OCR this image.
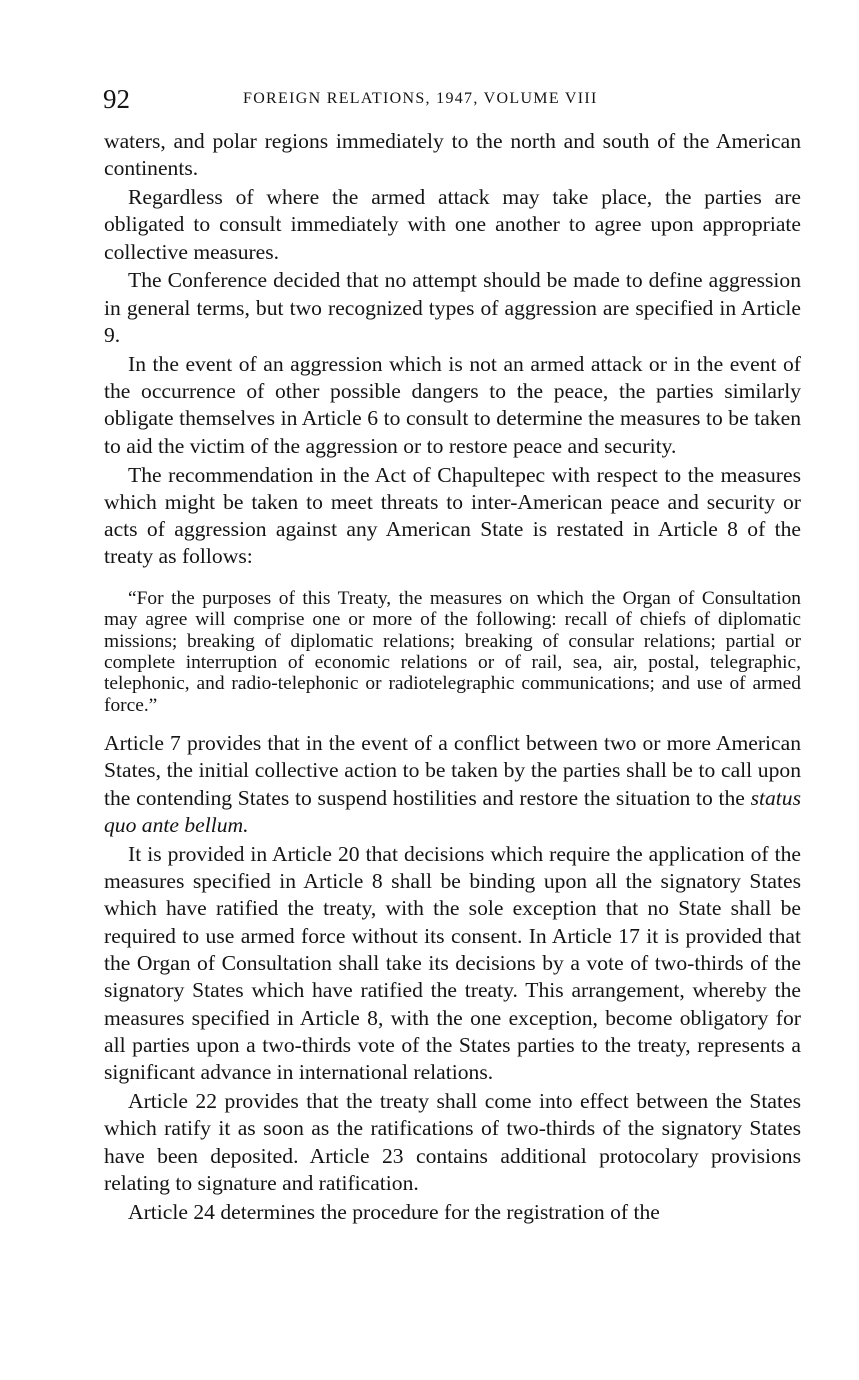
92	FOREIGN RELATIONS, 1947, VOLUME VIII

waters, and polar regions immediately to the north and south of the American continents.

Regardless of where the armed attack may take place, the parties are obligated to consult immediately with one another to agree upon appropriate collective measures.

The Conference decided that no attempt should be made to define aggression in general terms, but two recognized types of aggression are specified in Article 9.

In the event of an aggression which is not an armed attack or in the event of the occurrence of other possible dangers to the peace, the parties similarly obligate themselves in Article 6 to consult to determine the measures to be taken to aid the victim of the aggression or to restore peace and security.

The recommendation in the Act of Chapultepec with respect to the measures which might be taken to meet threats to inter-American peace and security or acts of aggression against any American State is restated in Article 8 of the treaty as follows:

“For the purposes of this Treaty, the measures on which the Organ of Consultation may agree will comprise one or more of the following: recall of chiefs of diplomatic missions; breaking of diplomatic relations; breaking of consular relations; partial or complete interruption of economic relations or of rail, sea, air, postal, telegraphic, telephonic, and radio-telephonic or radiotelegraphic communications; and use of armed force.”

Article 7 provides that in the event of a conflict between two or more American States, the initial collective action to be taken by the parties shall be to call upon the contending States to suspend hostilities and restore the situation to the status quo ante bellum.

It is provided in Article 20 that decisions which require the application of the measures specified in Article 8 shall be binding upon all the signatory States which have ratified the treaty, with the sole exception that no State shall be required to use armed force without its consent. In Article 17 it is provided that the Organ of Consultation shall take its decisions by a vote of two-thirds of the signatory States which have ratified the treaty. This arrangement, whereby the measures specified in Article 8, with the one exception, become obligatory for all parties upon a two-thirds vote of the States parties to the treaty, represents a significant advance in international relations.

Article 22 provides that the treaty shall come into effect between the States which ratify it as soon as the ratifications of two-thirds of the signatory States have been deposited. Article 23 contains additional protocolary provisions relating to signature and ratification.

Article 24 determines the procedure for the registration of the
